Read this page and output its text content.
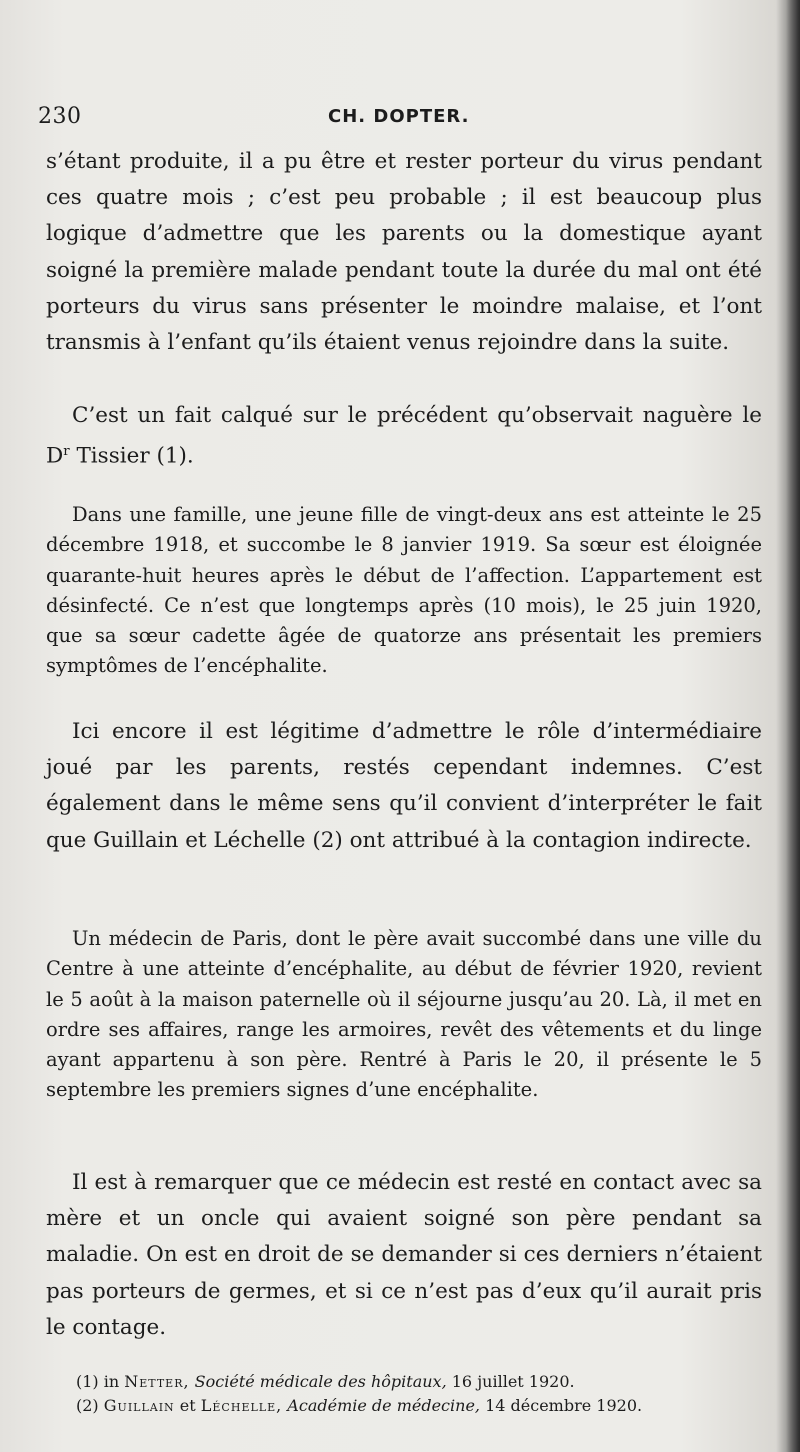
230	CH. DOPTER.

s’étant produite, il a pu être et rester porteur du virus pendant ces quatre mois ; c’est peu probable ; il est beaucoup plus logique d’admettre que les parents ou la domestique ayant soigné la première malade pendant toute la durée du mal ont été porteurs du virus sans présenter le moindre malaise, et l’ont transmis à l’enfant qu’ils étaient venus rejoindre dans la suite.

C’est un fait calqué sur le précédent qu’observait naguère le $D^r$ Tissier (1).

Dans une famille, une jeune fille de vingt-deux ans est atteinte le 25 décembre 1918, et succombe le 8 janvier 1919. Sa sœur est éloignée quarante-huit heures après le début de l’affection. L’appartement est désinfecté. Ce n’est que longtemps après (10 mois), le 25 juin 1920, que sa sœur cadette âgée de quatorze ans présentait les premiers symptômes de l’encéphalite.

Ici encore il est légitime d’admettre le rôle d’intermédiaire joué par les parents, restés cependant indemnes. C’est également dans le même sens qu’il convient d’interpréter le fait que Guillain et Léchelle (2) ont attribué à la contagion indirecte.

Un médecin de Paris, dont le père avait succombé dans une ville du Centre à une atteinte d’encéphalite, au début de février 1920, revient le 5 août à la maison paternelle où il séjourne jusqu’au 20. Là, il met en ordre ses affaires, range les armoires, revêt des vêtements et du linge ayant appartenu à son père. Rentré à Paris le 20, il présente le 5 septembre les premiers signes d’une encéphalite.

Il est à remarquer que ce médecin est resté en contact avec sa mère et un oncle qui avaient soigné son père pendant sa maladie. On est en droit de se demander si ces derniers n’étaient pas porteurs de germes, et si ce n’est pas d’eux qu’il aurait pris le contage.

(1) in Netter, Société médicale des hôpitaux, 16 juillet 1920.

(2) Guillain et Léchelle, Académie de médecine, 14 décembre 1920.
